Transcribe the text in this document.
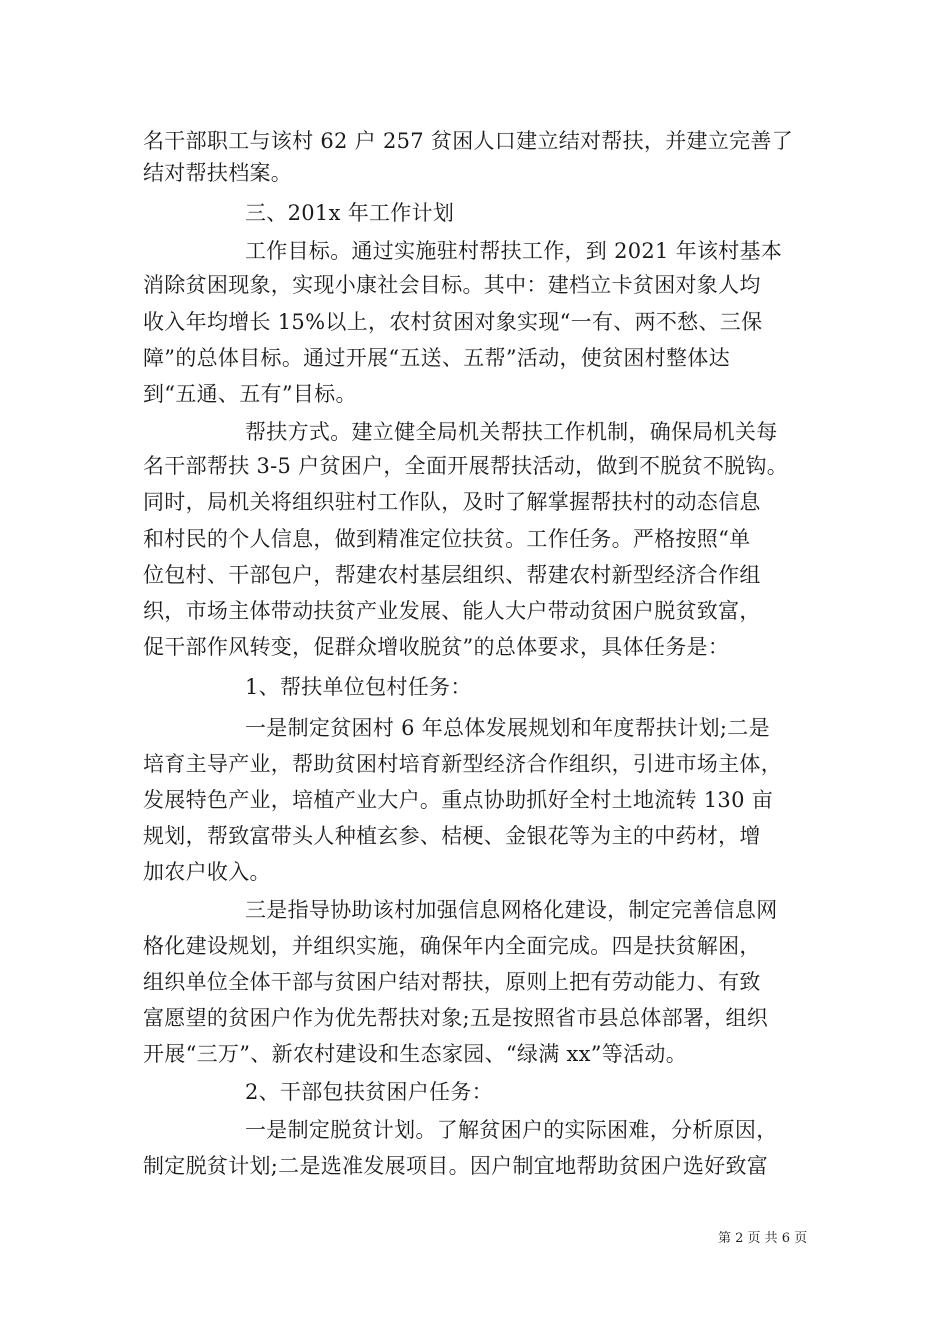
名干部职工与该村 62 户 257 贫困人口建立结对帮扶，并建立完善了
结对帮扶档案。
三、201x 年工作计划
工作目标。通过实施驻村帮扶工作，到 2021 年该村基本
消除贫困现象，实现小康社会目标。其中：建档立卡贫困对象人均
收入年均增长 15%以上，农村贫困对象实现“一有、两不愁、三保
障”的总体目标。通过开展“五送、五帮”活动，使贫困村整体达
到“五通、五有”目标。
帮扶方式。建立健全局机关帮扶工作机制，确保局机关每
名干部帮扶 3-5 户贫困户，全面开展帮扶活动，做到不脱贫不脱钩。
同时，局机关将组织驻村工作队，及时了解掌握帮扶村的动态信息
和村民的个人信息，做到精准定位扶贫。工作任务。严格按照“单
位包村、干部包户，帮建农村基层组织、帮建农村新型经济合作组
织，市场主体带动扶贫产业发展、能人大户带动贫困户脱贫致富，
促干部作风转变，促群众增收脱贫”的总体要求，具体任务是：
1、帮扶单位包村任务：
一是制定贫困村 6 年总体发展规划和年度帮扶计划;二是
培育主导产业，帮助贫困村培育新型经济合作组织，引进市场主体，
发展特色产业，培植产业大户。重点协助抓好全村土地流转 130 亩
规划，帮致富带头人种植玄参、桔梗、金银花等为主的中药材，增
加农户收入。
三是指导协助该村加强信息网格化建设，制定完善信息网
格化建设规划，并组织实施，确保年内全面完成。四是扶贫解困，
组织单位全体干部与贫困户结对帮扶，原则上把有劳动能力、有致
富愿望的贫困户作为优先帮扶对象;五是按照省市县总体部署，组织
开展“三万”、新农村建设和生态家园、“绿满 xx”等活动。
2、干部包扶贫困户任务：
一是制定脱贫计划。了解贫困户的实际困难，分析原因，
制定脱贫计划;二是选准发展项目。因户制宜地帮助贫困户选好致富
第 2 页 共 6 页
